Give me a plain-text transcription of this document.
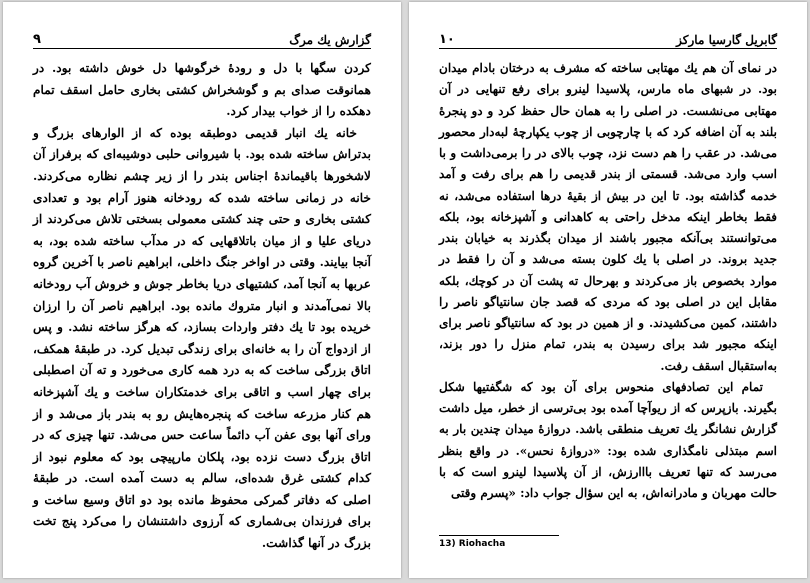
گزارش یك مرگ
۹

کردن سگها با دل و رودهٔ خرگوشها دل خوش داشته بود. در همانوقت صدای بم و گوشخراش کشتی بخاری حامل اسقف تمام دهکده را از خواب بیدار کرد.

خانه یك انبار قدیمی دوطبقه بوده که از الوارهای بزرگ و بدتراش ساخته شده بود. با شیروانی حلبی دوشیبه‌ای که برفراز آن لاشخورها باقیماندهٔ اجناس بندر را از زیر چشم نظاره می‌کردند. خانه در زمانی ساخته شده که رودخانه هنوز آرام بود و تعدادی کشتی بخاری و حتی چند کشتی معمولی بسختی تلاش می‌کردند از دریای علیا و از میان باتلاقهایی که در مدآب ساخته شده بود، به آنجا بیایند. وقتی در اواخر جنگ داخلی، ابراهیم ناصر با آخرین گروه عربها به آنجا آمد، کشتیهای دریا بخاطر جوش و خروش آب رودخانه بالا نمی‌آمدند و انبار متروك مانده بود. ابراهیم ناصر آن را ارزان خریده بود تا یك دفتر واردات بسازد، که هرگز ساخته نشد. و پس از ازدواج آن را به خانه‌ای برای زندگی تبدیل کرد. در طبقهٔ همکف، اتاق بزرگی ساخت که به درد همه کاری می‌خورد و ته آن اصطبلی برای چهار اسب و اتاقی برای خدمتکاران ساخت و یك آشپزخانه هم کنار مزرعه ساخت که پنجره‌هایش رو به بندر باز می‌شد و از ورای آنها بوی عفن آب دائماً ساعت حس می‌شد. تنها چیزی که در اتاق بزرگ دست نزده بود، پلکان مارپیچی بود که معلوم نبود از کدام کشتی غرق شده‌ای، سالم به دست آمده است. در طبقهٔ اصلی که دفاتر گمرکی محفوظ مانده بود دو اتاق وسیع ساخت و برای فرزندان بی‌شماری که آرزوی داشتنشان را می‌کرد پنج تخت بزرگ در آنها گذاشت.

گابریل گارسیا مارکز
۱۰

در نمای آن هم یك مهتابی ساخته که مشرف به درختان بادام میدان بود. در شبهای ماه مارس، پلاسیدا لینرو برای رفع تنهایی در آن مهتابی می‌نشست. در اصلی را به همان حال حفظ کرد و دو پنجرهٔ بلند به آن اضافه کرد که با چارچوبی از چوب یکپارچهٔ لبه‌دار محصور می‌شد. در عقب را هم دست نزد، چوب بالای در را برمی‌داشت و با اسب وارد می‌شد. قسمتی از بندر قدیمی را هم برای رفت و آمد خدمه گذاشته بود. تا این در بیش از بقیهٔ درها استفاده می‌شد، نه فقط بخاطر اینکه مدخل راحتی به کاهدانی و آشپزخانه بود، بلکه می‌توانستند بی‌آنکه مجبور باشند از میدان بگذرند به خیابان بندر جدید بروند. در اصلی با یك کلون بسته می‌شد و آن را فقط در موارد بخصوص باز می‌کردند و بهرحال ته پشت آن در کوچك، بلکه مقابل این در اصلی بود که مردی که قصد جان سانتیاگو ناصر را داشتند، کمین می‌کشیدند. و از همین در بود که سانتیاگو ناصر برای اینکه مجبور شد برای رسیدن به بندر، تمام منزل را دور بزند، به‌استقبال اسقف رفت.

تمام این تصادفهای منحوس برای آن بود که شگفتیها شکل بگیرند. بازپرس که از ریوآچا آمده بود بی‌ترسی از خطر، میل داشت گزارش نشانگر یك تعریف منطقی باشد. دروازهٔ میدان چندین بار به اسم مبتذلی نامگذاری شده بود: «دروازهٔ نحس». در واقع بنظر می‌رسد که تنها تعریف بااارزش، از آن پلاسیدا لینرو است که با حالت مهربان و مادرانه‌اش، به این سؤال جواب داد: «پسرم وقتی

13) Riohacha
